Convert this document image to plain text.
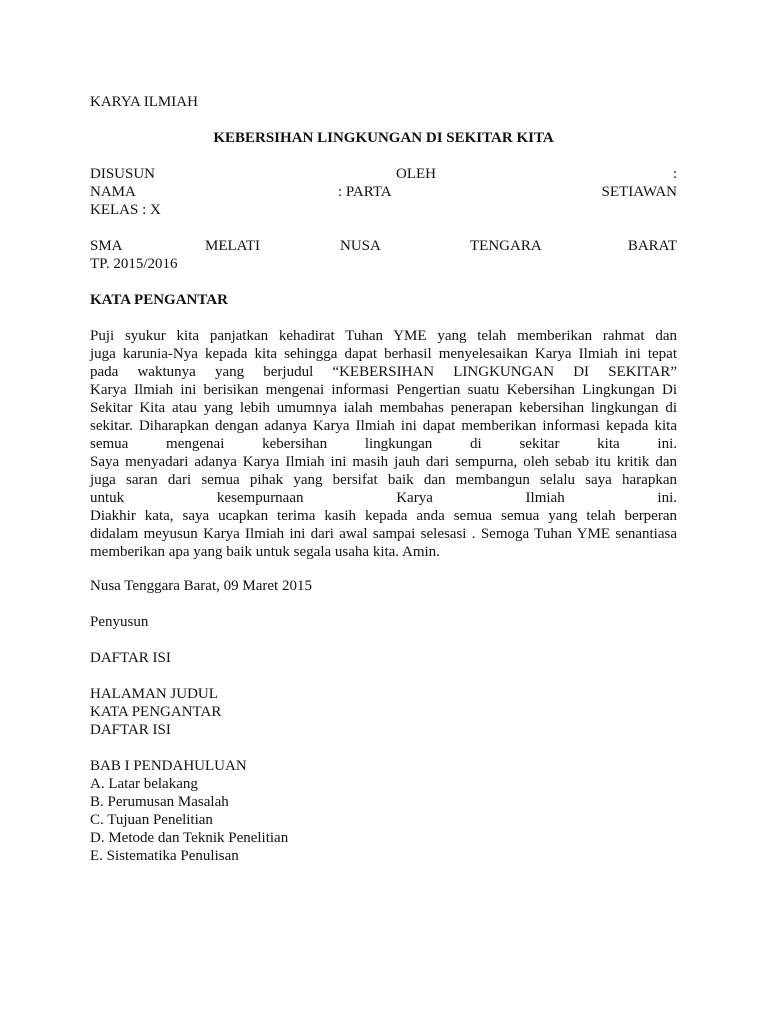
KARYA ILMIAH
KEBERSIHAN LINGKUNGAN DI SEKITAR KITA
DISUSUN	OLEH	:
NAMA	: PARTA	SETIAWAN
KELAS : X
SMA	MELATI	NUSA	TENGARA	BARAT
TP. 2015/2016
KATA PENGANTAR
Puji syukur kita panjatkan kehadirat Tuhan YME yang telah memberikan rahmat dan
juga karunia-Nya kepada kita sehingga dapat berhasil menyelesaikan Karya Ilmiah ini tepat
pada waktunya yang berjudul “KEBERSIHAN LINGKUNGAN DI SEKITAR”
Karya Ilmiah ini berisikan mengenai informasi Pengertian suatu Kebersihan Lingkungan Di
Sekitar Kita atau yang lebih umumnya ialah membahas penerapan kebersihan lingkungan di
sekitar. Diharapkan dengan adanya Karya Ilmiah ini dapat memberikan informasi kepada kita
semua mengenai kebersihan lingkungan di sekitar kita ini.
Saya menyadari adanya Karya Ilmiah ini masih jauh dari sempurna, oleh sebab itu kritik dan
juga saran dari semua pihak yang bersifat baik dan membangun selalu saya harapkan
untuk kesempurnaan Karya Ilmiah ini.
Diakhir kata, saya ucapkan terima kasih kepada anda semua semua yang telah berperan
didalam meyusun Karya Ilmiah ini dari awal sampai selesasi . Semoga Tuhan YME senantiasa
memberikan apa yang baik untuk segala usaha kita. Amin.
Nusa Tenggara Barat, 09 Maret 2015
Penyusun
DAFTAR ISI
HALAMAN JUDUL
KATA PENGANTAR
DAFTAR ISI
BAB I PENDAHULUAN
A. Latar belakang
B. Perumusan Masalah
C. Tujuan Penelitian
D. Metode dan Teknik Penelitian
E. Sistematika Penulisan
